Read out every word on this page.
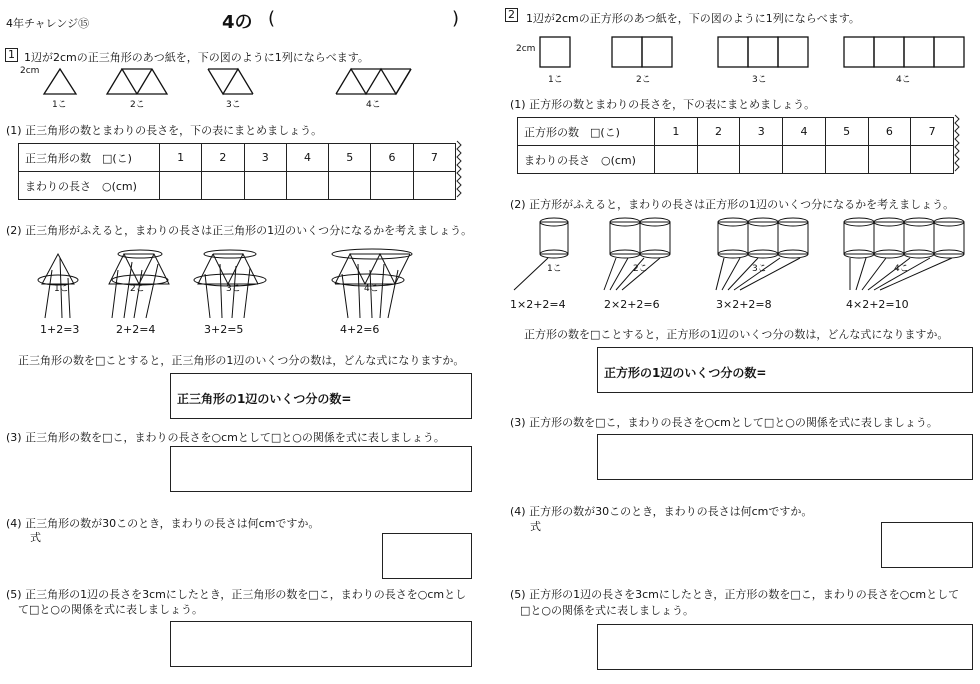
4年チャレンジ⑮	4の (	)
1 1辺が2cmの正三角形のあつ紙を，下の図のように1列にならべます。
2cm
1こ	2こ	3こ	4こ
(1) 正三角形の数とまわりの長さを，下の表にまとめましょう。
正三角形の数　□(こ)	1	2	3	4	5	6	7
まわりの長さ　○(cm)							
(2) 正三角形がふえると，まわりの長さは正三角形の1辺のいくつ分になるかを考えましょう。
1こ	2こ	3こ	4こ
1+2=3	2+2=4	3+2=5	4+2=6
正三角形の数を□ことすると，正三角形の1辺のいくつ分の数は，どんな式になりますか。
正三角形の1辺のいくつ分の数=
(3) 正三角形の数を□こ，まわりの長さを○cmとして□と○の関係を式に表しましょう。
(4) 正三角形の数が30このとき，まわりの長さは何cmですか。
式
(5) 正三角形の1辺の長さを3cmにしたとき，正三角形の数を□こ，まわりの長さを○cmとし
て□と○の関係を式に表しましょう。
2 1辺が2cmの正方形のあつ紙を，下の図のように1列にならべます。
2cm
1こ	2こ	3こ	4こ
(1) 正方形の数とまわりの長さを，下の表にまとめましょう。
正方形の数　□(こ)	1	2	3	4	5	6	7
まわりの長さ　○(cm)							
(2) 正方形がふえると，まわりの長さは正方形の1辺のいくつ分になるかを考えましょう。
1こ	2こ	3こ	4こ
1×2+2=4	2×2+2=6	3×2+2=8	4×2+2=10
正方形の数を□ことすると，正方形の1辺のいくつ分の数は，どんな式になりますか。
正方形の1辺のいくつ分の数=
(3) 正方形の数を□こ，まわりの長さを○cmとして□と○の関係を式に表しましょう。
(4) 正方形の数が30このとき，まわりの長さは何cmですか。
式
(5) 正方形の1辺の長さを3cmにしたとき，正方形の数を□こ，まわりの長さを○cmとして
□と○の関係を式に表しましょう。
